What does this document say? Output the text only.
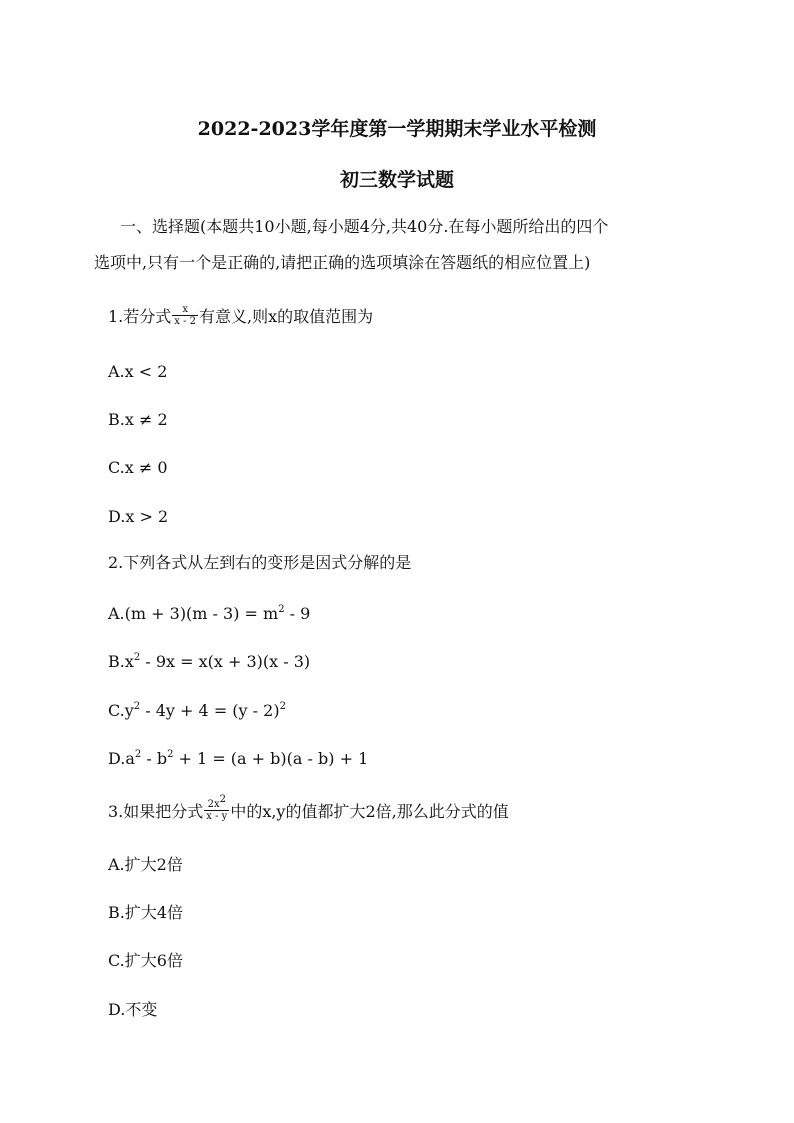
2022-2023学年度第一学期期末学业水平检测
初三数学试题
一、选择题(本题共10小题,每小题4分,共40分.在每小题所给出的四个
选项中,只有一个是正确的,请把正确的选项填涂在答题纸的相应位置上)
1.若分式 $\frac{x}{x - 2}$ 有意义,则x的取值范围为
A.x < 2
B.x ≠ 2
C.x ≠ 0
D.x > 2
2.下列各式从左到右的变形是因式分解的是
$A.(m + 3)(m - 3) = m^2 - 9$
$B.x^2 - 9x = x(x + 3)(x - 3)$
$C.y^2 - 4y + 4 = (y - 2)^2$
$D.a^2 - b^2 + 1 = (a + b)(a - b) + 1$
3.如果把分式 $\frac{2x^2}{x - y}$ 中的x,y的值都扩大2倍,那么此分式的值
A.扩大2倍
B.扩大4倍
C.扩大6倍
D.不变
